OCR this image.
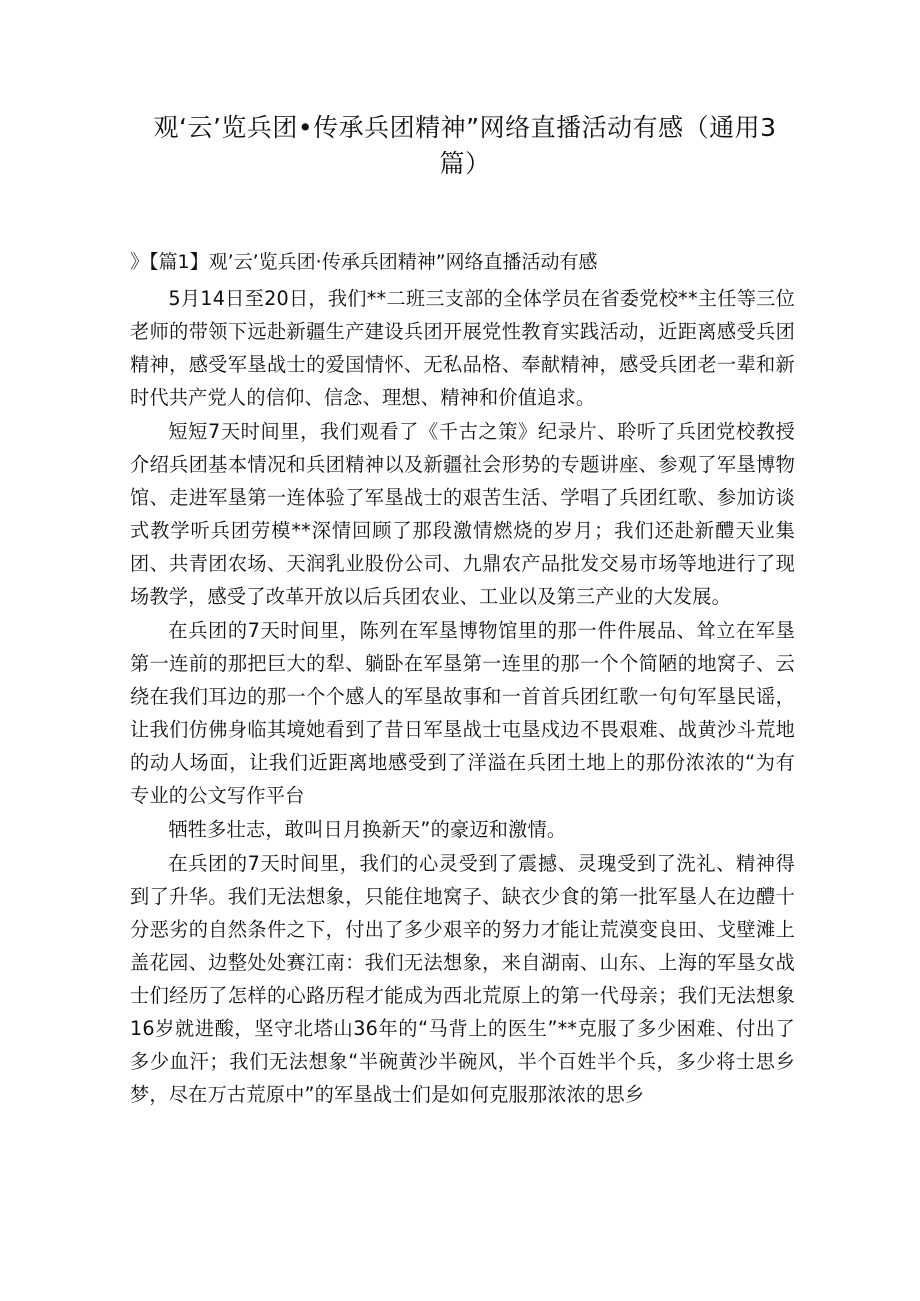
观‘云’览兵团•传承兵团精神”网络直播活动有感（通用3篇）
》【篇1】观’云’览兵团·传承兵团精神”网络直播活动有感

5月14日至20日，我们**二班三支部的全体学员在省委党校**主任等三位老师的带领下远赴新疆生产建设兵团开展党性教育实践活动，近距离感受兵团精神，感受军垦战士的爱国情怀、无私品格、奉献精神，感受兵团老一辈和新时代共产党人的信仰、信念、理想、精神和价值追求。

短短7天时间里，我们观看了《千古之策》纪录片、聆听了兵团党校教授介绍兵团基本情况和兵团精神以及新疆社会形势的专题讲座、参观了军垦博物馆、走进军垦第一连体验了军垦战士的艰苦生活、学唱了兵团红歌、参加访谈式教学听兵团劳模**深情回顾了那段激情燃烧的岁月；我们还赴新醴天业集团、共青团农场、天润乳业股份公司、九鼎农产品批发交易市场等地进行了现场教学，感受了改革开放以后兵团农业、工业以及第三产业的大发展。

在兵团的7天时间里，陈列在军垦博物馆里的那一件件展品、耸立在军垦第一连前的那把巨大的犁、躺卧在军垦第一连里的那一个个简陋的地窝子、云绕在我们耳边的那一个个感人的军垦故事和一首首兵团红歌一句句军垦民谣，让我们仿佛身临其境她看到了昔日军垦战士屯垦戍边不畏艰难、战黄沙斗荒地的动人场面，让我们近距离地感受到了洋溢在兵团土地上的那份浓浓的“为有专业的公文写作平台

牺牲多壮志，敢叫日月换新天”的豪迈和激情。

在兵团的7天时间里，我们的心灵受到了震撼、灵瑰受到了洗礼、精神得到了升华。我们无法想象，只能住地窝子、缺衣少食的第一批军垦人在边醴十分恶劣的自然条件之下，付出了多少艰辛的努力才能让荒漠变良田、戈壁滩上盖花园、边整处处赛江南：我们无法想象，来自湖南、山东、上海的军垦女战士们经历了怎样的心路历程才能成为西北荒原上的第一代母亲；我们无法想象16岁就进酸，坚守北塔山36年的“马背上的医生”**克服了多少困难、付出了多少血汗；我们无法想象“半碗黄沙半碗风，半个百姓半个兵，多少将士思乡梦，尽在万古荒原中”的军垦战士们是如何克服那浓浓的思乡
